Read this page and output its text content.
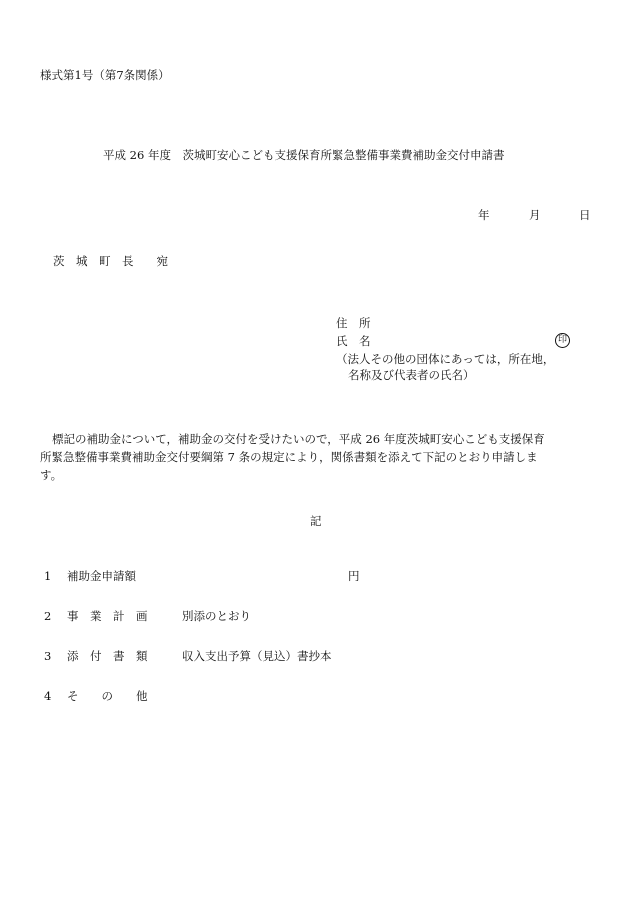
様式第1号（第7条関係）
平成 26 年度　茨城町安心こども支援保育所緊急整備事業費補助金交付申請書
年	月	日
茨　城　町　長　　宛
住　所
氏　名	印
（法人その他の団体にあっては，所在地，
名称及び代表者の氏名）

標記の補助金について，補助金の交付を受けたいので，平成 26 年度茨城町安心こども支援保育

所緊急整備事業費補助金交付要綱第 7 条の規定により，関係書類を添えて下記のとおり申請しま

す。

記
1 補助金申請額	円
2 事　業　計　画	別添のとおり
3 添　付　書　類	収入支出予算（見込）書抄本
4 そ　　の　　他
